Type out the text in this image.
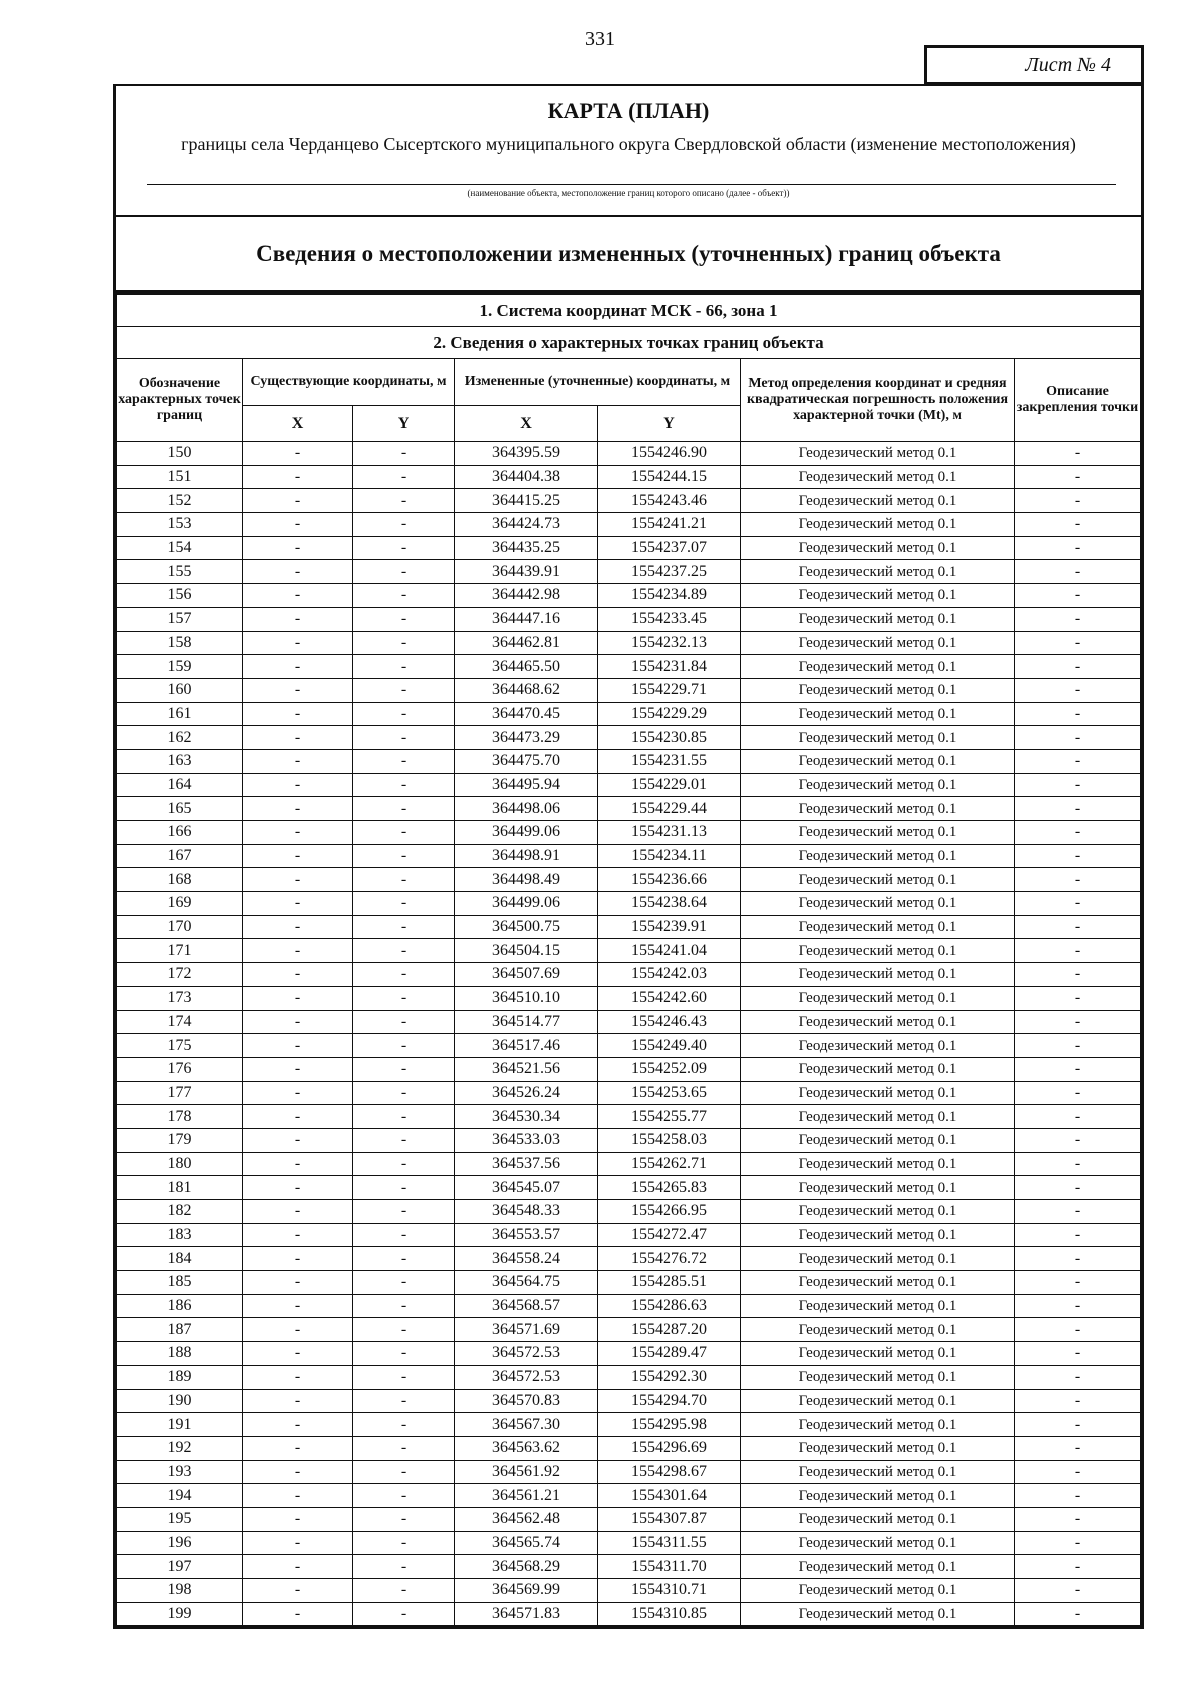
331
Лист № 4
КАРТА (ПЛАН)
границы села Черданцево Сысертского муниципального округа Свердловской области (изменение местоположения)
(наименование объекта, местоположение границ которого описано (далее - объект))
Сведения о местоположении измененных (уточненных) границ объекта
1. Система координат МСК - 66, зона 1						
2. Сведения о характерных точках границ объекта						
Обозначение характерных точек границ	Существующие координаты, м		Измененные (уточненные) координаты, м		Метод определения координат и средняя квадратическая погрешность положения характерной точки (Mt), м	Описание закрепления точки
	X	Y	X	Y		
150	-	-	364395.59	1554246.90	Геодезический метод 0.1	-
151	-	-	364404.38	1554244.15	Геодезический метод 0.1	-
152	-	-	364415.25	1554243.46	Геодезический метод 0.1	-
153	-	-	364424.73	1554241.21	Геодезический метод 0.1	-
154	-	-	364435.25	1554237.07	Геодезический метод 0.1	-
155	-	-	364439.91	1554237.25	Геодезический метод 0.1	-
156	-	-	364442.98	1554234.89	Геодезический метод 0.1	-
157	-	-	364447.16	1554233.45	Геодезический метод 0.1	-
158	-	-	364462.81	1554232.13	Геодезический метод 0.1	-
159	-	-	364465.50	1554231.84	Геодезический метод 0.1	-
160	-	-	364468.62	1554229.71	Геодезический метод 0.1	-
161	-	-	364470.45	1554229.29	Геодезический метод 0.1	-
162	-	-	364473.29	1554230.85	Геодезический метод 0.1	-
163	-	-	364475.70	1554231.55	Геодезический метод 0.1	-
164	-	-	364495.94	1554229.01	Геодезический метод 0.1	-
165	-	-	364498.06	1554229.44	Геодезический метод 0.1	-
166	-	-	364499.06	1554231.13	Геодезический метод 0.1	-
167	-	-	364498.91	1554234.11	Геодезический метод 0.1	-
168	-	-	364498.49	1554236.66	Геодезический метод 0.1	-
169	-	-	364499.06	1554238.64	Геодезический метод 0.1	-
170	-	-	364500.75	1554239.91	Геодезический метод 0.1	-
171	-	-	364504.15	1554241.04	Геодезический метод 0.1	-
172	-	-	364507.69	1554242.03	Геодезический метод 0.1	-
173	-	-	364510.10	1554242.60	Геодезический метод 0.1	-
174	-	-	364514.77	1554246.43	Геодезический метод 0.1	-
175	-	-	364517.46	1554249.40	Геодезический метод 0.1	-
176	-	-	364521.56	1554252.09	Геодезический метод 0.1	-
177	-	-	364526.24	1554253.65	Геодезический метод 0.1	-
178	-	-	364530.34	1554255.77	Геодезический метод 0.1	-
179	-	-	364533.03	1554258.03	Геодезический метод 0.1	-
180	-	-	364537.56	1554262.71	Геодезический метод 0.1	-
181	-	-	364545.07	1554265.83	Геодезический метод 0.1	-
182	-	-	364548.33	1554266.95	Геодезический метод 0.1	-
183	-	-	364553.57	1554272.47	Геодезический метод 0.1	-
184	-	-	364558.24	1554276.72	Геодезический метод 0.1	-
185	-	-	364564.75	1554285.51	Геодезический метод 0.1	-
186	-	-	364568.57	1554286.63	Геодезический метод 0.1	-
187	-	-	364571.69	1554287.20	Геодезический метод 0.1	-
188	-	-	364572.53	1554289.47	Геодезический метод 0.1	-
189	-	-	364572.53	1554292.30	Геодезический метод 0.1	-
190	-	-	364570.83	1554294.70	Геодезический метод 0.1	-
191	-	-	364567.30	1554295.98	Геодезический метод 0.1	-
192	-	-	364563.62	1554296.69	Геодезический метод 0.1	-
193	-	-	364561.92	1554298.67	Геодезический метод 0.1	-
194	-	-	364561.21	1554301.64	Геодезический метод 0.1	-
195	-	-	364562.48	1554307.87	Геодезический метод 0.1	-
196	-	-	364565.74	1554311.55	Геодезический метод 0.1	-
197	-	-	364568.29	1554311.70	Геодезический метод 0.1	-
198	-	-	364569.99	1554310.71	Геодезический метод 0.1	-
199	-	-	364571.83	1554310.85	Геодезический метод 0.1	-
